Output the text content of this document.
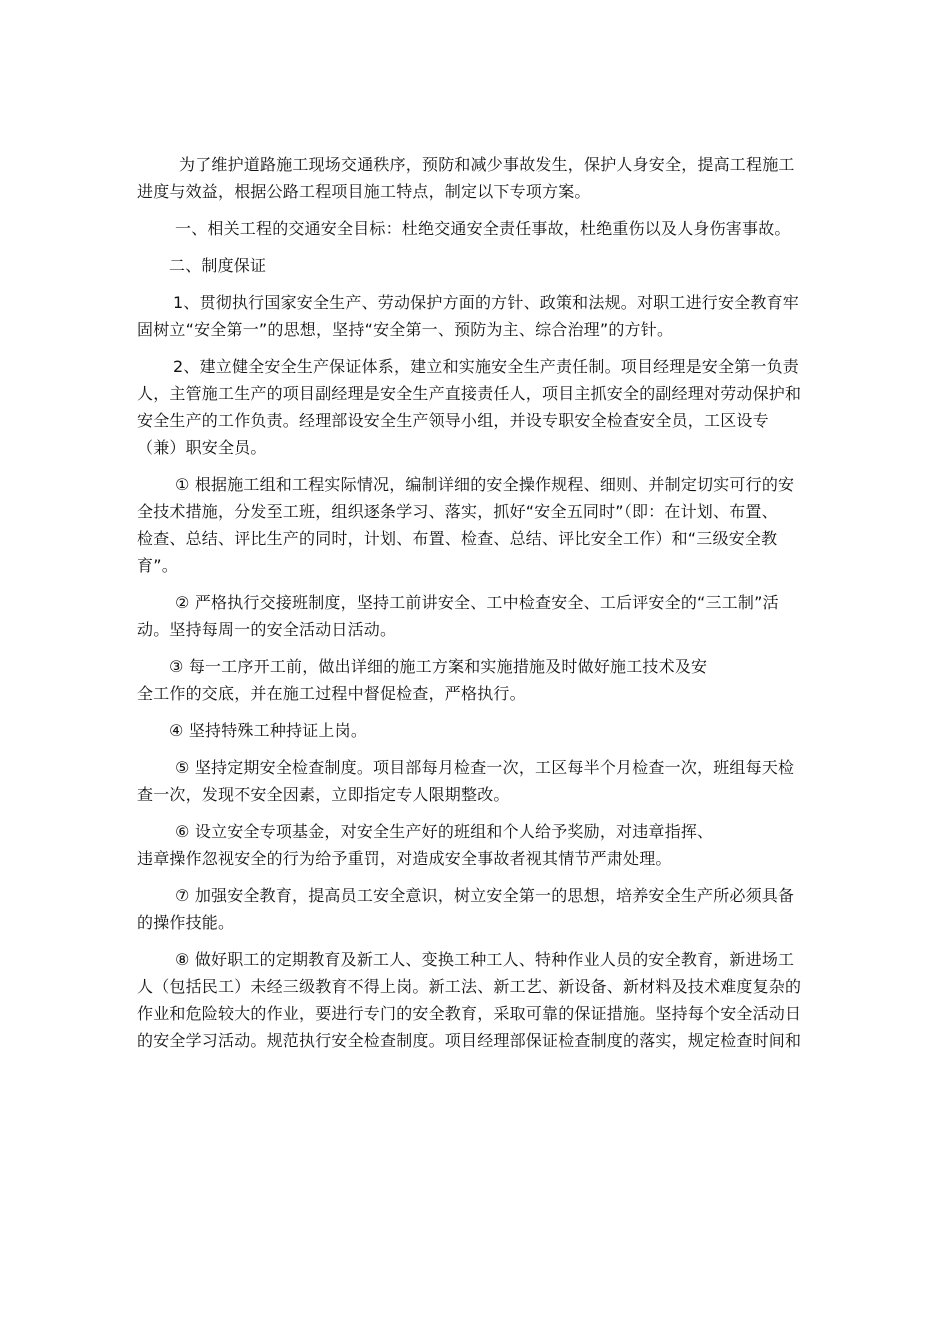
为了维护道路施工现场交通秩序，预防和减少事故发生，保护人身安全，提高工程施工
进度与效益，根据公路工程项目施工特点，制定以下专项方案。

一、相关工程的交通安全目标：杜绝交通安全责任事故，杜绝重伤以及人身伤害事故。

二、制度保证

1、贯彻执行国家安全生产、劳动保护方面的方针、政策和法规。对职工进行安全教育牢
固树立“安全第一”的思想，坚持“安全第一、预防为主、综合治理”的方针。

2、建立健全安全生产保证体系，建立和实施安全生产责任制。项目经理是安全第一负责
人，主管施工生产的项目副经理是安全生产直接责任人，项目主抓安全的副经理对劳动保护和
安全生产的工作负责。经理部设安全生产领导小组，并设专职安全检查安全员，工区设专
（兼）职安全员。

① 根据施工组和工程实际情况，编制详细的安全操作规程、细则、并制定切实可行的安
全技术措施，分发至工班，组织逐条学习、落实，抓好“安全五同时”（即：在计划、布置、
检查、总结、评比生产的同时，计划、布置、检查、总结、评比安全工作）和“三级安全教
育”。

② 严格执行交接班制度，坚持工前讲安全、工中检查安全、工后评安全的“三工制”活
动。坚持每周一的安全活动日活动。

③ 每一工序开工前，做出详细的施工方案和实施措施及时做好施工技术及安
全工作的交底，并在施工过程中督促检查，严格执行。

④ 坚持特殊工种持证上岗。

⑤ 坚持定期安全检查制度。项目部每月检查一次，工区每半个月检查一次，班组每天检
查一次，发现不安全因素，立即指定专人限期整改。

⑥ 设立安全专项基金，对安全生产好的班组和个人给予奖励，对违章指挥、
违章操作忽视安全的行为给予重罚，对造成安全事故者视其情节严肃处理。

⑦ 加强安全教育，提高员工安全意识，树立安全第一的思想，培养安全生产所必须具备
的操作技能。

⑧ 做好职工的定期教育及新工人、变换工种工人、特种作业人员的安全教育，新进场工
人（包括民工）未经三级教育不得上岗。新工法、新工艺、新设备、新材料及技术难度复杂的
作业和危险较大的作业，要进行专门的安全教育，采取可靠的保证措施。坚持每个安全活动日
的安全学习活动。规范执行安全检查制度。项目经理部保证检查制度的落实，规定检查时间和
